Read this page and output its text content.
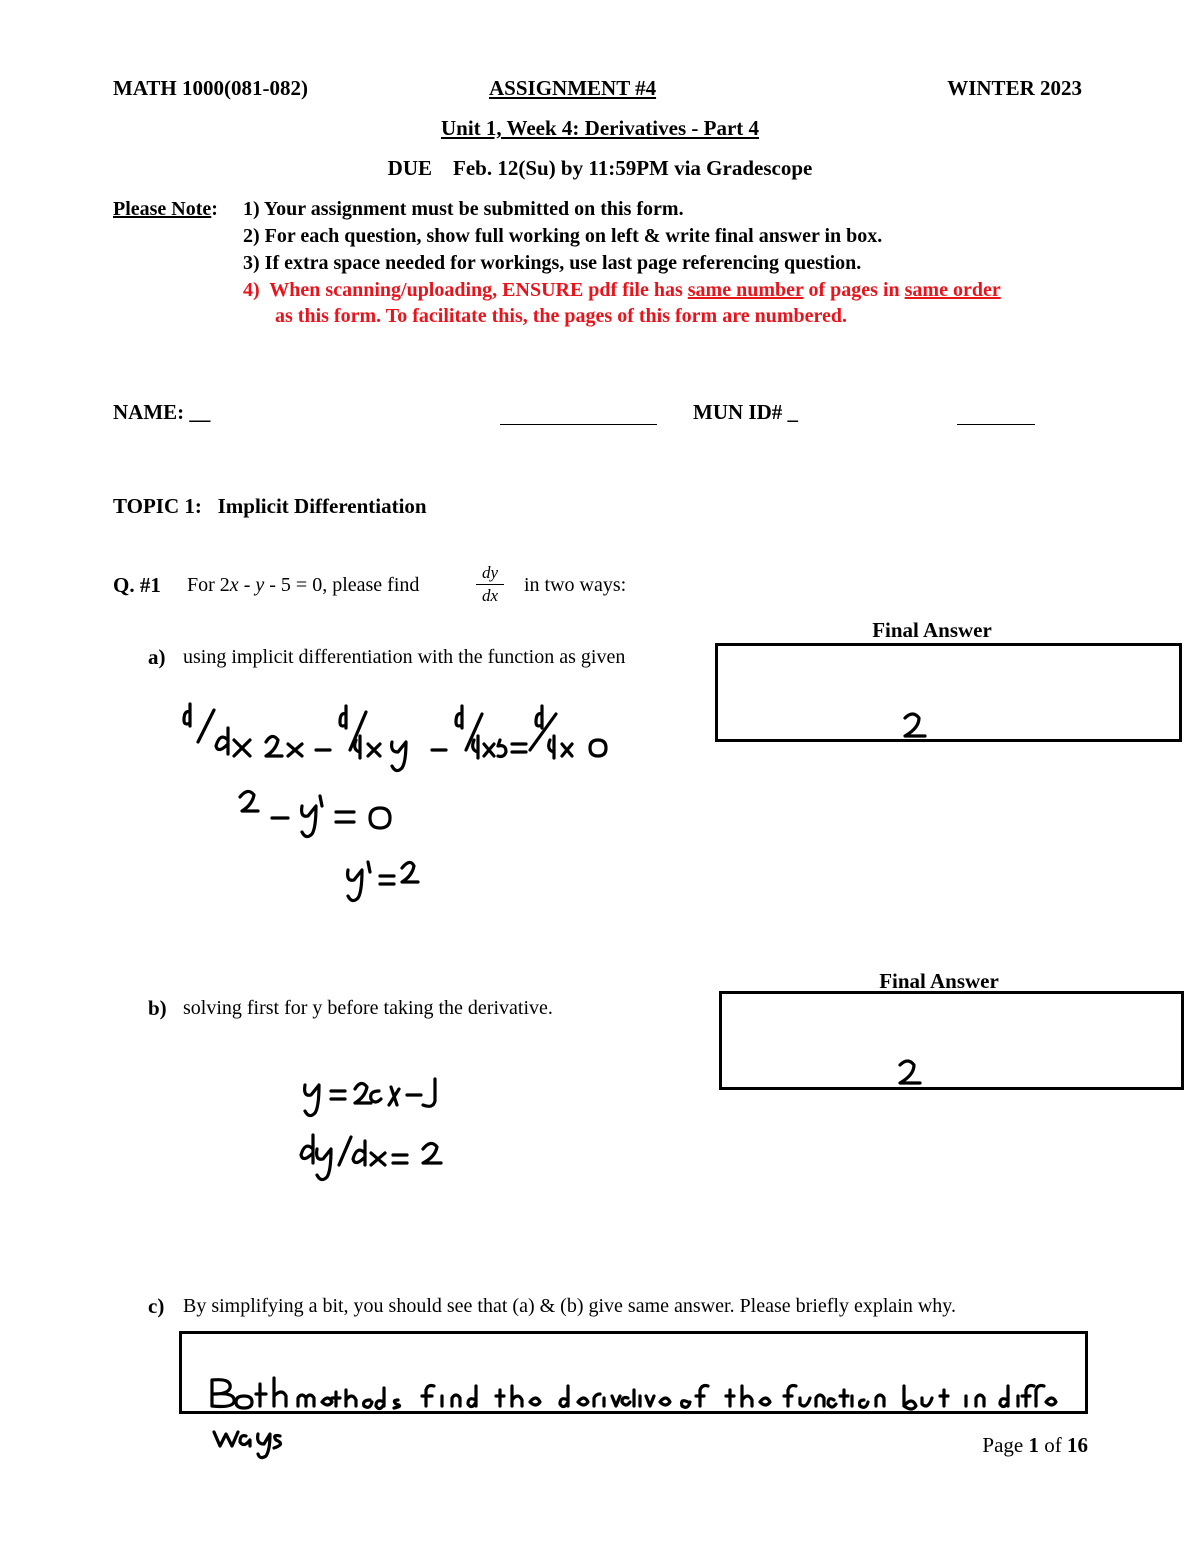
MATH 1000(081-082)	ASSIGNMENT #4	WINTER 2023
Unit 1, Week 4: Derivatives - Part 4
DUE    Feb. 12(Su) by 11:59PM via Gradescope
Please Note: 1) Your assignment must be submitted on this form.
2) For each question, show full working on left & write final answer in box.
3) If extra space needed for workings, use last page referencing question.
4)  When scanning/uploading, ENSURE pdf file has same number of pages in same order
as this form. To facilitate this, the pages of this form are numbered.
NAME: __	MUN ID# _
TOPIC 1:   Implicit Differentiation
Q. #1 For 2x - y - 5 = 0, please find
dy
dx in two ways:
Final Answer
a) using implicit differentiation with the function as given
Final Answer
b) solving first for y before taking the derivative.
c) By simplifying a bit, you should see that (a) & (b) give same answer. Please briefly explain why.
Page 1 of 16
